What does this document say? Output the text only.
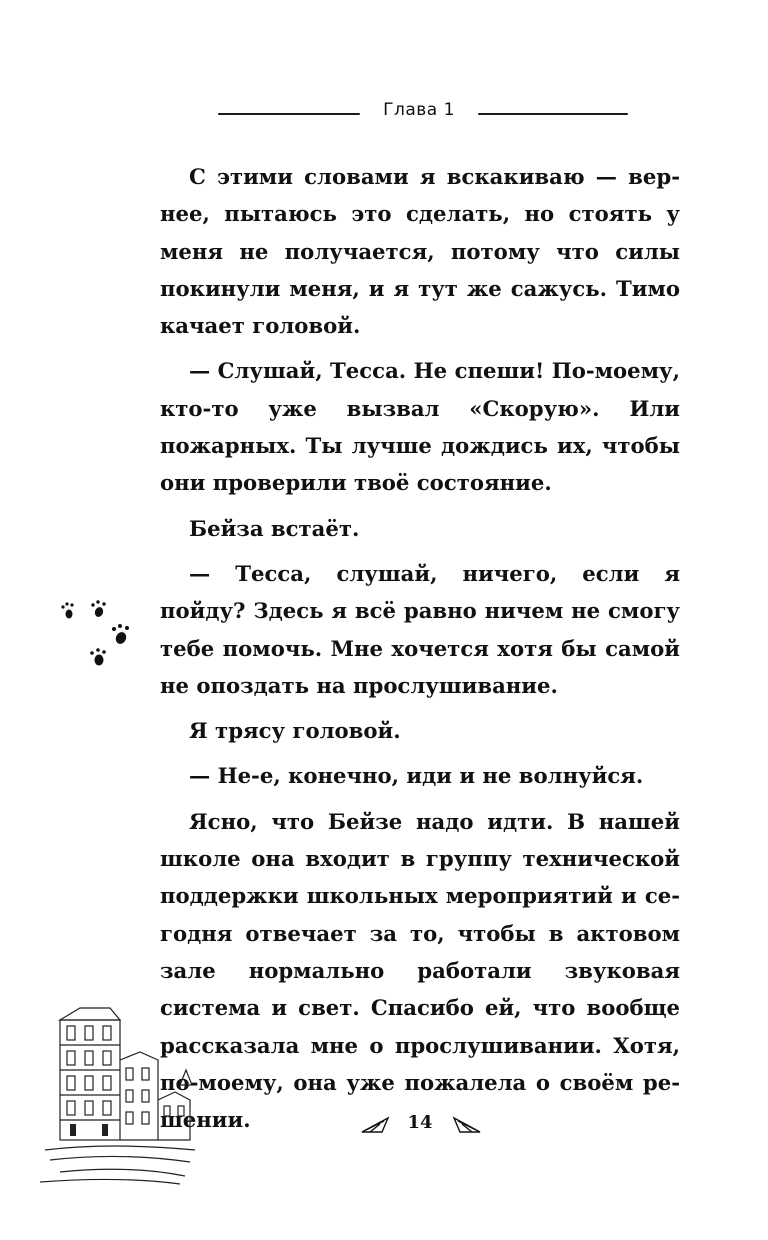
Глава 1

С этими словами я вскакиваю — вернее, пытаюсь это сделать, но стоять у меня не получается, потому что силы покинули меня, и я тут же сажусь. Тимо качает головой.

— Слушай, Тесса. Не спеши! По-моему, кто-то уже вызвал «Скорую». Или пожарных. Ты лучше дождись их, чтобы они проверили твоё состояние.

Бейза встаёт.

— Тесса, слушай, ничего, если я пойду? Здесь я всё равно ничем не смогу тебе помочь. Мне хочется хотя бы самой не опоздать на прослушивание.

Я трясу головой.

— Не-е, конечно, иди и не волнуйся.

Ясно, что Бейзе надо идти. В нашей школе она входит в группу технической поддержки школьных мероприятий и сегодня отвечает за то, чтобы в актовом зале нормально работали звуковая система и свет. Спасибо ей, что вообще рассказала мне о прослушивании. Хотя, по-моему, она уже пожалела о своём решении.	14
